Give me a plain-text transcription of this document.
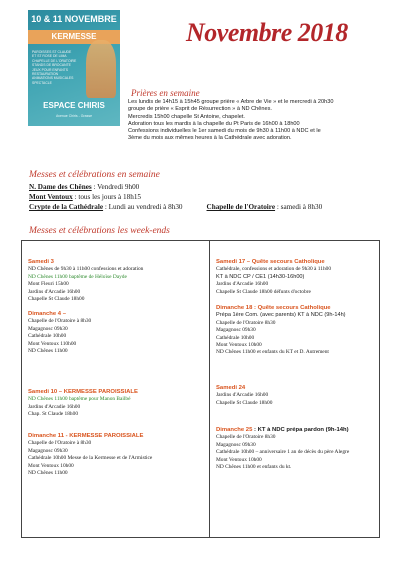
10 & 11 NOVEMBRE
KERMESSE
PAROISSES ST CLAUDE
ET ST ROSE DE LIMA
CHAPELLE DE L'ORATOIRE
STANDS DE BROCANTE
JEUX POUR ENFANTS
RESTAURATION
ANIMATIONS MUSICALES
SPECTACLE
ESPACE CHIRIS
Avenue Chiris - Grasse
Novembre 2018
Prières en semaine
Les lundis de 14h15 à 15h45 groupe prière « Arbre de Vie » et le mercredi à 20h30
groupe de prière « Esprit de Résurrection » à ND Chênes.
Mercredis 15h00 chapelle St Antoine, chapelet.
Adoration tous les mardis à la chapelle du Pt Paris de 16h00 à 18h00
Confessions individuelles le 1er samedi du mois de 9h30 à 11h00 à NDC et le
3ème du mois aux mêmes heures à la Cathédrale avec adoration.
Messes et célébrations en semaine
N. Dame des Chênes : Vendredi 9h00
Mont Ventoux : tous les jours à 18h15
Crypte de la Cathédrale : Lundi au vendredi à 8h30	Chapelle de l'Oratoire : samedi à 8h30
Messes et célébrations les week-ends
Samedi 3
ND Chênes de 9h30 à 11h00 confessions et adoration
ND Chênes 11h00 baptême de Héloïse Dayde
Mont Fleuri 15h00
Jardins d'Arcadie 16h00
Chapelle St Claude 18h00
Dimanche 4 –
Chapelle de l'Oratoire à 8h30
Magagnosc 09h30
Cathédrale 10h00
Mont Ventoux 110h00
ND Chênes 11h00
Samedi 10 – KERMESSE PAROISSIALE
ND Chênes 11h00 baptême pour Manon Bailbé
Jardins d'Arcadie 16h00
Chap. St Claude 18h00
Dimanche 11 - KERMESSE PAROISSIALE
Chapelle de l'Oratoire à 8h30
Magagnosc 09h30
Cathédrale 10h00 Messe de la Kermesse et de l'Armistice
Mont Ventoux 10h00
ND Chênes 11h00
Samedi 17 – Quête secours Catholique
Cathédrale, confessions et adoration de 9h30 à 11h00
KT à NDC CP / CE1 (14h30-16h00)
Jardins d'Arcadie 16h00
Chapelle St Claude 18h00 défunts d'octobre
Dimanche 18 : Quête secours Catholique
Prépa 1ère Com. (avec parents) KT à NDC (9h-14h)
Chapelle de l'Oratoire 8h30
Magagnosc 09h30
Cathédrale 10h00
Mont Ventoux 10h00
ND Chênes 11h00 et enfants du KT et D. Autrement
Samedi 24
Jardins d'Arcadie 16h00
Chapelle St Claude 18h00
Dimanche 25 : KT à NDC prépa pardon (9h-14h)
Chapelle de l'Oratoire 8h30
Magagnosc 09h30
Cathédrale 10h00 – anniversaire 1 an de décès du père Alegre
Mont Ventoux 10h00
ND Chênes 11h00 et enfants du kt.
